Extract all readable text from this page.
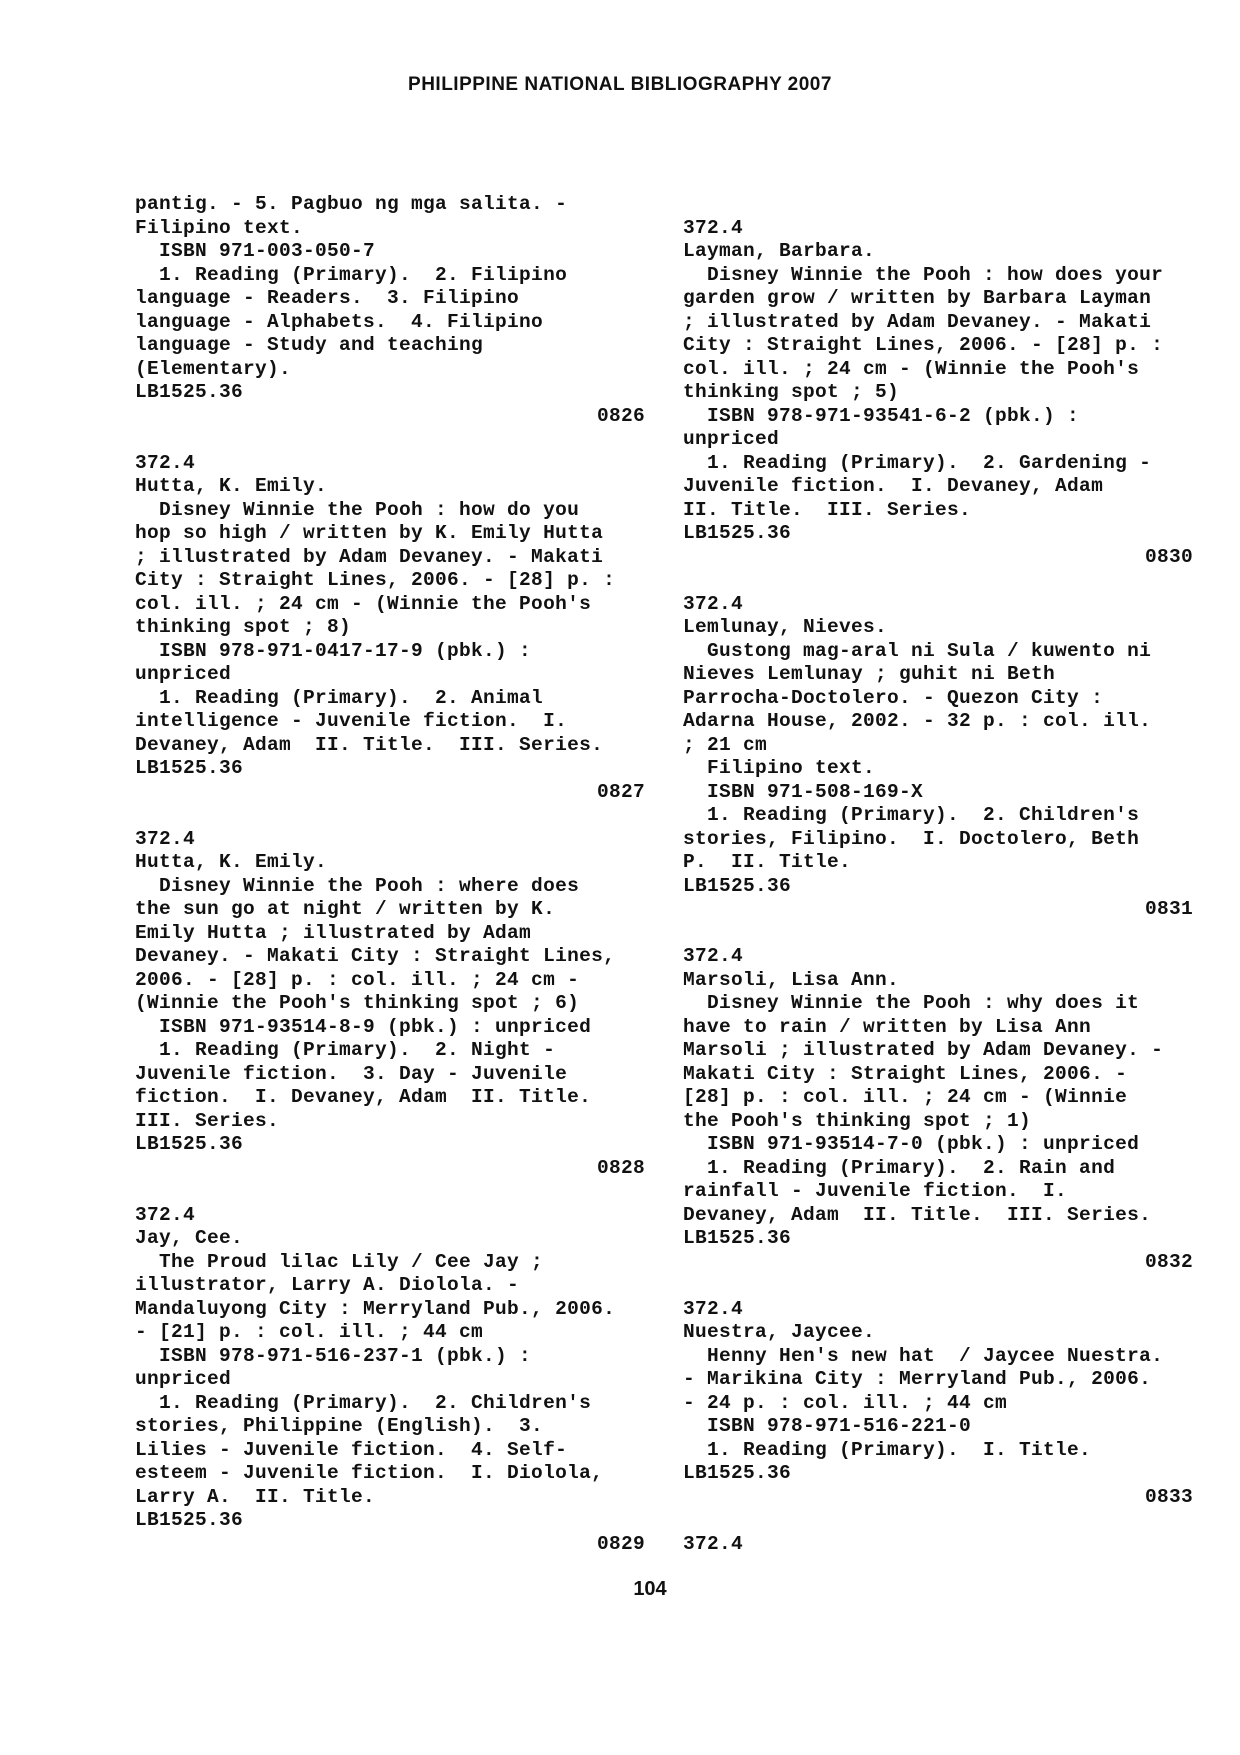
PHILIPPINE NATIONAL BIBLIOGRAPHY 2007
pantig. - 5. Pagbuo ng mga salita. -
Filipino text.
ISBN 971-003-050-7
1. Reading (Primary).  2. Filipino
language - Readers.  3. Filipino
language - Alphabets.  4. Filipino
language - Study and teaching
(Elementary).
LB1525.36
0826
372.4
Hutta, K. Emily.
Disney Winnie the Pooh : how do you
hop so high / written by K. Emily Hutta
; illustrated by Adam Devaney. - Makati
City : Straight Lines, 2006. - [28] p. :
col. ill. ; 24 cm - (Winnie the Pooh's
thinking spot ; 8)
ISBN 978-971-0417-17-9 (pbk.) :
unpriced
1. Reading (Primary).  2. Animal
intelligence - Juvenile fiction.  I.
Devaney, Adam  II. Title.  III. Series.
LB1525.36
0827
372.4
Hutta, K. Emily.
Disney Winnie the Pooh : where does
the sun go at night / written by K.
Emily Hutta ; illustrated by Adam
Devaney. - Makati City : Straight Lines,
2006. - [28] p. : col. ill. ; 24 cm -
(Winnie the Pooh's thinking spot ; 6)
ISBN 971-93514-8-9 (pbk.) : unpriced
1. Reading (Primary).  2. Night -
Juvenile fiction.  3. Day - Juvenile
fiction.  I. Devaney, Adam  II. Title.
III. Series.
LB1525.36
0828
372.4
Jay, Cee.
The Proud lilac Lily / Cee Jay ;
illustrator, Larry A. Diolola. -
Mandaluyong City : Merryland Pub., 2006.
- [21] p. : col. ill. ; 44 cm
ISBN 978-971-516-237-1 (pbk.) :
unpriced
1. Reading (Primary).  2. Children's
stories, Philippine (English).  3.
Lilies - Juvenile fiction.  4. Self-
esteem - Juvenile fiction.  I. Diolola,
Larry A.  II. Title.
LB1525.36
0829
372.4
Layman, Barbara.
Disney Winnie the Pooh : how does your
garden grow / written by Barbara Layman
; illustrated by Adam Devaney. - Makati
City : Straight Lines, 2006. - [28] p. :
col. ill. ; 24 cm - (Winnie the Pooh's
thinking spot ; 5)
ISBN 978-971-93541-6-2 (pbk.) :
unpriced
1. Reading (Primary).  2. Gardening -
Juvenile fiction.  I. Devaney, Adam
II. Title.  III. Series.
LB1525.36
0830
372.4
Lemlunay, Nieves.
Gustong mag-aral ni Sula / kuwento ni
Nieves Lemlunay ; guhit ni Beth
Parrocha-Doctolero. - Quezon City :
Adarna House, 2002. - 32 p. : col. ill.
; 21 cm
Filipino text.
ISBN 971-508-169-X
1. Reading (Primary).  2. Children's
stories, Filipino.  I. Doctolero, Beth
P.  II. Title.
LB1525.36
0831
372.4
Marsoli, Lisa Ann.
Disney Winnie the Pooh : why does it
have to rain / written by Lisa Ann
Marsoli ; illustrated by Adam Devaney. -
Makati City : Straight Lines, 2006. -
[28] p. : col. ill. ; 24 cm - (Winnie
the Pooh's thinking spot ; 1)
ISBN 971-93514-7-0 (pbk.) : unpriced
1. Reading (Primary).  2. Rain and
rainfall - Juvenile fiction.  I.
Devaney, Adam  II. Title.  III. Series.
LB1525.36
0832
372.4
Nuestra, Jaycee.
Henny Hen's new hat  / Jaycee Nuestra.
- Marikina City : Merryland Pub., 2006.
- 24 p. : col. ill. ; 44 cm
ISBN 978-971-516-221-0
1. Reading (Primary).  I. Title.
LB1525.36
0833
372.4
104
